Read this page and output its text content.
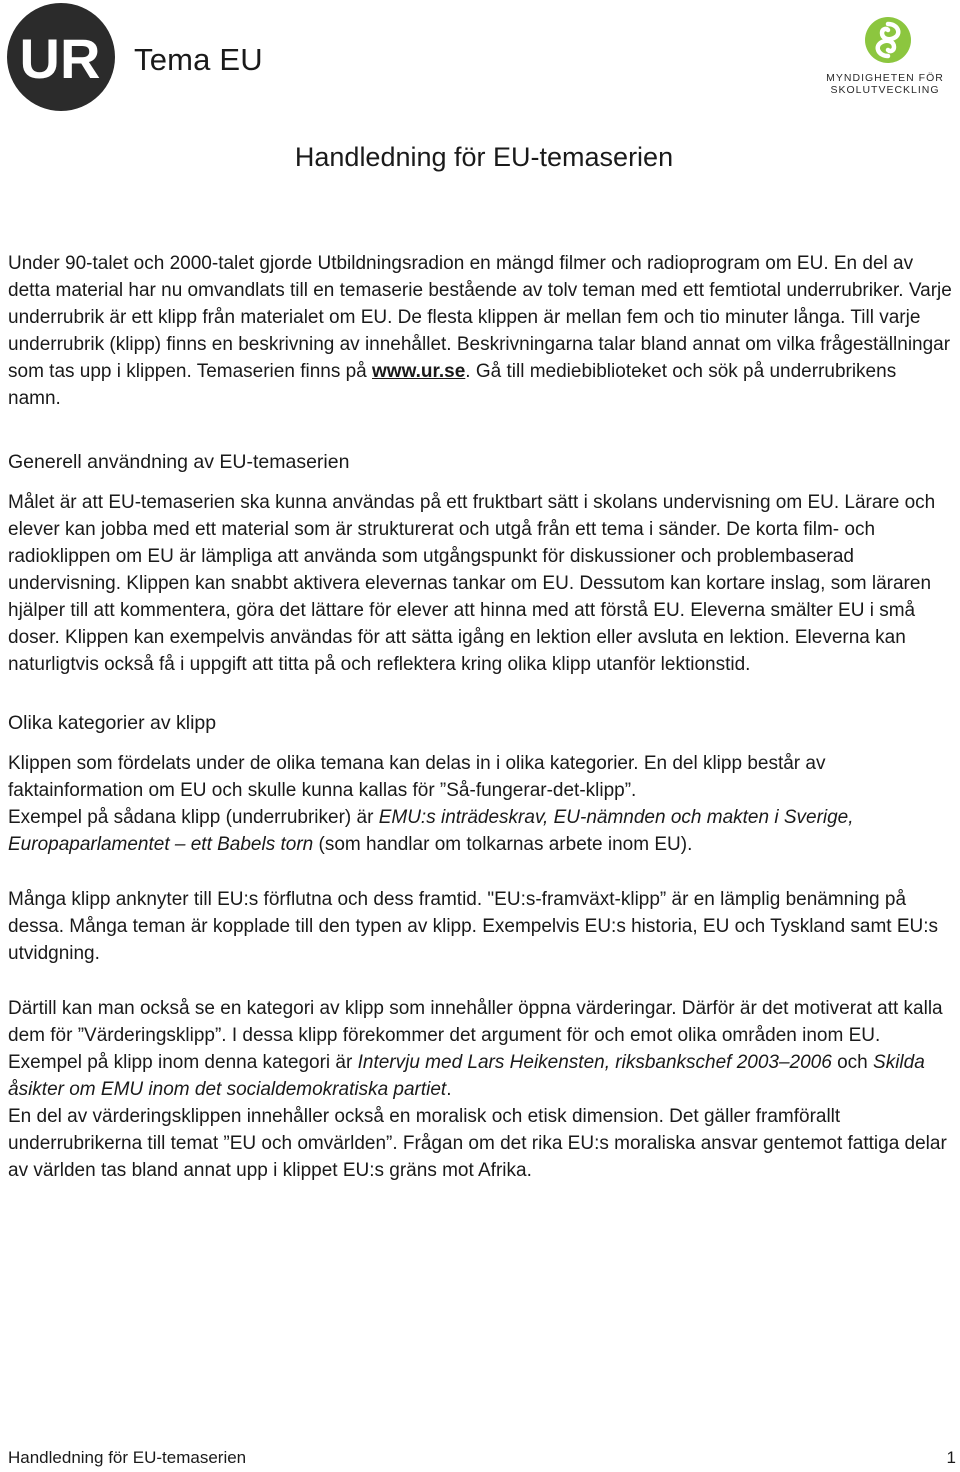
UR Tema EU
MYNDIGHETEN FÖR
SKOLUTVECKLING
Handledning för EU-temaserien

Under 90-talet och 2000-talet gjorde Utbildningsradion en mängd filmer och radioprogram om EU. En del av detta material har nu omvandlats till en temaserie bestående av tolv teman med ett femtiotal underrubriker. Varje underrubrik är ett klipp från materialet om EU. De flesta klippen är mellan fem och tio minuter långa. Till varje underrubrik (klipp) finns en beskrivning av innehållet. Beskrivningarna talar bland annat om vilka frågeställningar som tas upp i klippen. Temaserien finns på www.ur.se. Gå till mediebiblioteket och sök på underrubrikens namn.

Generell användning av EU-temaserien

Målet är att EU-temaserien ska kunna användas på ett fruktbart sätt i skolans undervisning om EU. Lärare och elever kan jobba med ett material som är strukturerat och utgå från ett tema i sänder. De korta film- och radioklippen om EU är lämpliga att använda som utgångspunkt för diskussioner och problembaserad undervisning. Klippen kan snabbt aktivera elevernas tankar om EU. Dessutom kan kortare inslag, som läraren hjälper till att kommentera, göra det lättare för elever att hinna med att förstå EU. Eleverna smälter EU i små doser. Klippen kan exempelvis användas för att sätta igång en lektion eller avsluta en lektion. Eleverna kan naturligtvis också få i uppgift att titta på och reflektera kring olika klipp utanför lektionstid.

Olika kategorier av klipp

Klippen som fördelats under de olika temana kan delas in i olika kategorier. En del klipp består av faktainformation om EU och skulle kunna kallas för ”Så-fungerar-det-klipp”.

Exempel på sådana klipp (underrubriker) är EMU:s inträdeskrav, EU-nämnden och makten i Sverige, Europaparlamentet – ett Babels torn (som handlar om tolkarnas arbete inom EU).

Många klipp anknyter till EU:s förflutna och dess framtid. "EU:s-framväxt-klipp” är en lämplig benämning på dessa. Många teman är kopplade till den typen av klipp. Exempelvis EU:s historia, EU och Tyskland samt EU:s utvidgning.

Därtill kan man också se en kategori av klipp som innehåller öppna värderingar. Därför är det motiverat att kalla dem för ”Värderingsklipp”. I dessa klipp förekommer det argument för och emot olika områden inom EU. Exempel på klipp inom denna kategori är Intervju med Lars Heikensten, riksbankschef 2003–2006 och Skilda åsikter om EMU inom det socialdemokratiska partiet.

En del av värderingsklippen innehåller också en moralisk och etisk dimension. Det gäller framförallt underrubrikerna till temat ”EU och omvärlden”. Frågan om det rika EU:s moraliska ansvar gentemot fattiga delar av världen tas bland annat upp i klippet EU:s gräns mot Afrika.

Handledning för EU-temaserien	1
